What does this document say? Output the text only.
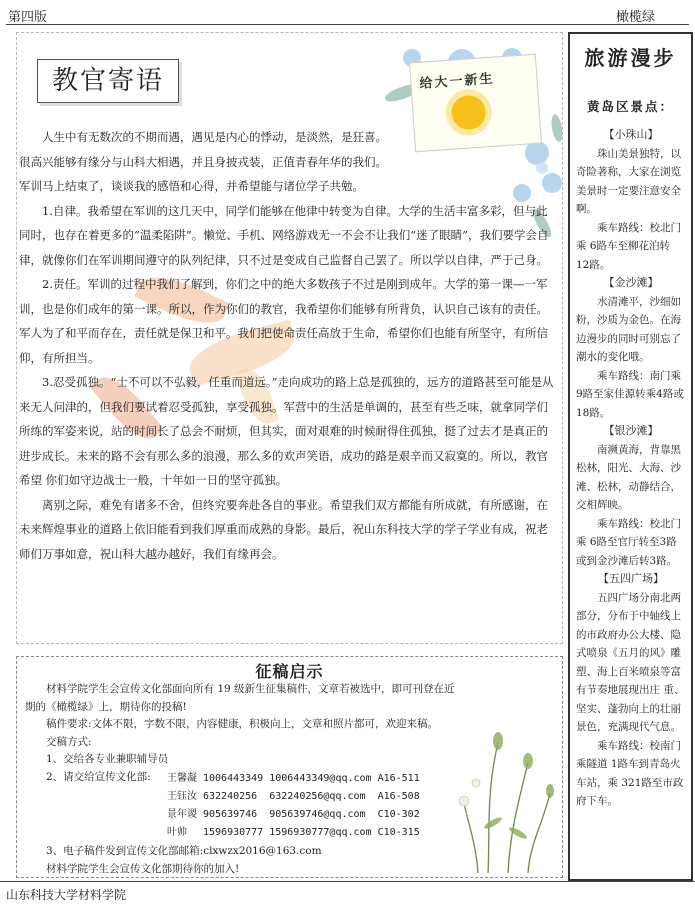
第四版	橄榄绿
教官寄语	给大一新生

人生中有无数次的不期而遇，遇见是内心的悸动，是淡然，是狂喜。

很高兴能够有缘分与山科大相遇，并且身披戎装，正值青春年华的我们。

军训马上结束了，谈谈我的感悟和心得，并希望能与诸位学子共勉。

1.自律。我希望在军训的这几天中，同学们能够在他律中转变为自律。大学的生活丰富多彩，但与此同时，也存在着更多的“温柔陷阱”。懒觉、手机、网络游戏无一不会不让我们“迷了眼睛”，我们要学会自律，就像你们在军训期间遵守的队列纪律，只不过是变成自己监督自己罢了。所以学以自律，严于己身。

2.责任。军训的过程中我们了解到，你们之中的绝大多数孩子不过是刚到成年。大学的第一课—一军训，也是你们成年的第一课。所以，作为你们的教官，我希望你们能够有所背负，认识自己该有的责任。军人为了和平而存在，责任就是保卫和平。我们把使命责任高放于生命，希望你们也能有所坚守，有所信仰，有所担当。

3.忍受孤独。“士不可以不弘毅，任重而道远。”走向成功的路上总是孤独的，远方的道路甚至可能是从来无人问津的，但我们要试着忍受孤独，享受孤独。军营中的生活是单调的，甚至有些乏味，就拿同学们所练的军姿来说，站的时间长了总会不耐烦，但其实，面对艰难的时候耐得住孤独，挺了过去才是真正的进步成长。未来的路不会有那么多的浪漫，那么多的欢声笑语，成功的路是艰辛而又寂寞的。所以，教官希望 你们如守边战士一般，十年如一日的坚守孤独。

离别之际，难免有诸多不舍，但终究要奔赴各自的事业。希望我们双方都能有所成就，有所感谢，在未来辉煌事业的道路上依旧能看到我们厚重而成熟的身影。最后，祝山东科技大学的学子学业有成，祝老师们万事如意，祝山科大越办越好，我们有缘再会。

旅游漫步
黄岛区景点：

【小珠山】

珠山美景独特，以奇险著称，大家在浏览美景时一定要注意安全啊。

乘车路线：校北门乘 6路车至柳花泊转 12路。

【金沙滩】

水清滩平，沙细如粉，沙质为金色。在海边漫步的同时可别忘了潮水的变化哦。

乘车路线：南门乘 9路至家佳源转乘4路或 18路。

【银沙滩】

南濒黄海，背靠黑松林，阳光、大海、沙滩、松林，动静结合，交相辉映。

乘车路线：校北门乘 6路至官厅转至3路或到金沙滩后转3路。

【五四广场】

五四广场分南北两部分，分布于中轴线上的市政府办公大楼、隐式喷泉《五月的风》雕塑、海上百米喷泉等富 有节奏地展现出庄 重、坚实、蓬勃向上的壮丽景色，充满现代气息。

乘车路线：校南门乘隧道 1路车到青岛火车站，乘 321路至市政府下车。

征稿启示

材料学院学生会宣传文化部面向所有 19 级新生征集稿件，文章若被选中，即可刊登在近期的《橄榄绿》上，期待你的投稿!

稿件要求:文体不限，字数不限，内容健康，积极向上，文章和照片都可，欢迎来稿。

交稿方式:

1、交给各专业兼职辅导员

2、请交给宣传文化部:	王馨凝	1006443349	1006443349@qq.com	A16-511
王钰汝	632240256	632240256@qq.com	A16-508
景年谡	905639746	905639746@qq.com	C10-302
叶帅	1596930777	1596930777@qq.com	C10-315

3、电子稿件发到宣传文化部邮箱:clxwzx2016@163.com

材料学院学生会宣传文化部期待你的加入!

山东科技大学材料学院
